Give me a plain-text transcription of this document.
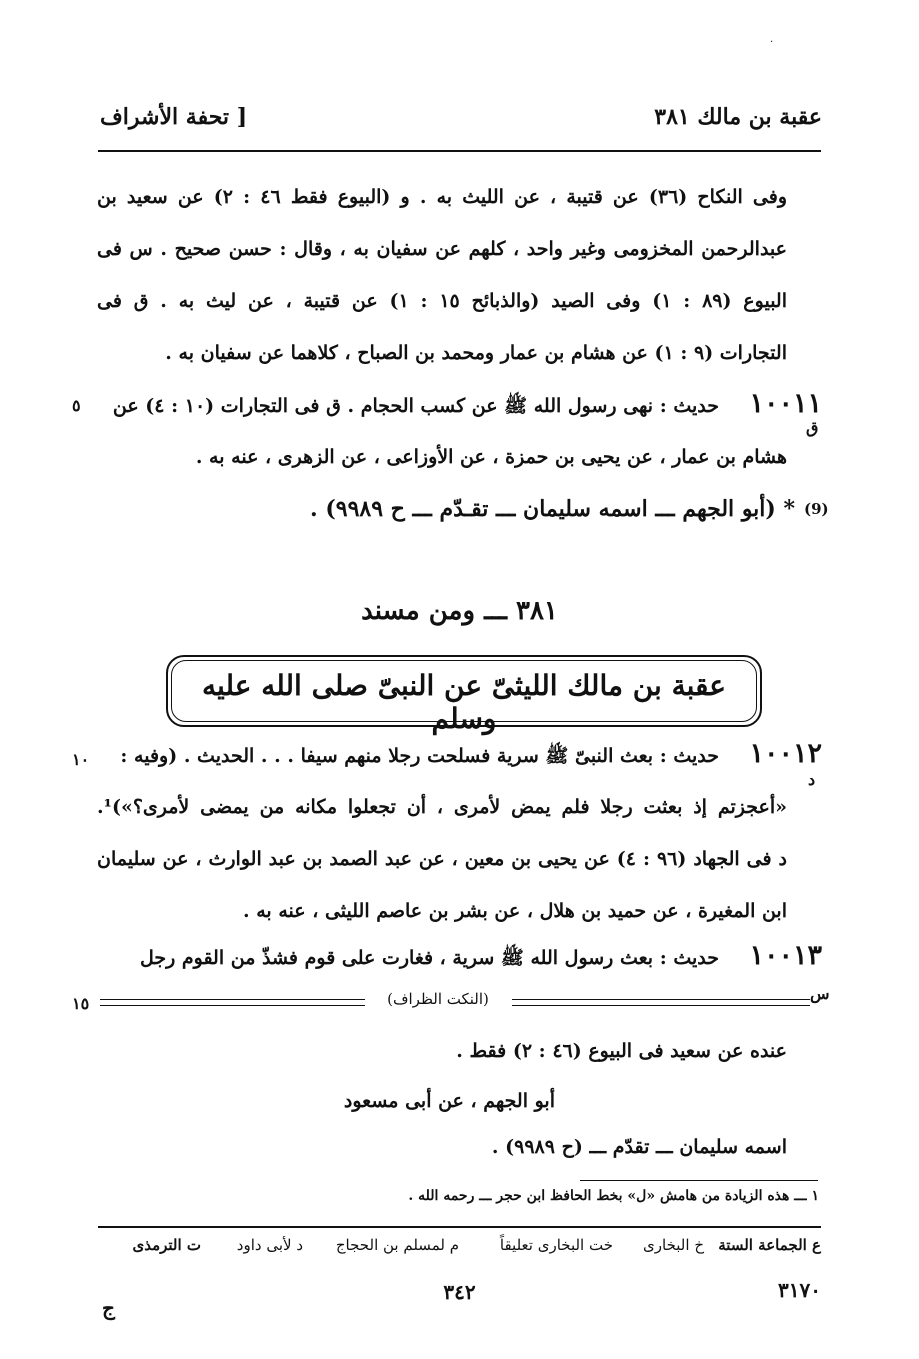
.
عقبة بن مالك ٣٨١
[ تحفة الأشراف
وفى النكاح (٣٦) عن قتيبة ، عن الليث به . و (البيوع فقط ٤٦ : ٢) عن سعيد بن
عبدالرحمن المخزومى وغير واحد ، كلهم عن سفيان به ، وقال : حسن صحيح . س فى
البيوع (٨٩ : ١) وفى الصيد (والذبائح ١٥ : ١) عن قتيبة ، عن ليث به . ق فى
التجارات (٩ : ١) عن هشام بن عمار ومحمد بن الصباح ، كلاهما عن سفيان به .
١٠٠١١
حديث : نهى رسول الله ﷺ عن كسب الحجام . ق فى التجارات (١٠ : ٤) عن
هشام بن عمار ، عن يحيى بن حمزة ، عن الأوزاعى ، عن الزهرى ، عنه به .
٥
ق
(9)
* (أبو الجهم ـــ اسمه سليمان ـــ تقـدّم ـــ ح ٩٩٨٩) .
٣٨١ ـــ ومن مسند
عقبة بن مالك الليثىّ عن النبىّ صلى الله عليه وسلم
١٠٠١٢
حديث : بعث النبىّ ﷺ سرية فسلحت رجلا منهم سيفا . . . الحديث . (وفيه :
«أعجزتم إذ بعثت رجلا فلم يمض لأمرى ، أن تجعلوا مكانه من يمضى لأمرى؟»)¹.
د فى الجهاد (٩٦ : ٤) عن يحيى بن معين ، عن عبد الصمد بن عبد الوارث ، عن سليمان
ابن المغيرة ، عن حميد بن هلال ، عن بشر بن عاصم الليثى ، عنه به .
١٠
د
١٠٠١٣
حديث : بعث رسول الله ﷺ سرية ، فغارت على قوم فشذّ من القوم رجل
١٥
س
(النكت الظراف)
عنده عن سعيد فى البيوع (٤٦ : ٢) فقط .
أبو الجهم ، عن أبى مسعود
اسمه سليمان ـــ تقدّم ـــ (ح ٩٩٨٩) .
١ ـــ هذه الزيادة من هامش «ل» بخط الحافظ ابن حجر ـــ رحمه الله .
ع الجماعة الستة
خ البخارى
خت البخارى تعليقاً
م لمسلم بن الحجاج
د لأبى داود
ت الترمذى
٣١٧٠
٣٤٢
ج
